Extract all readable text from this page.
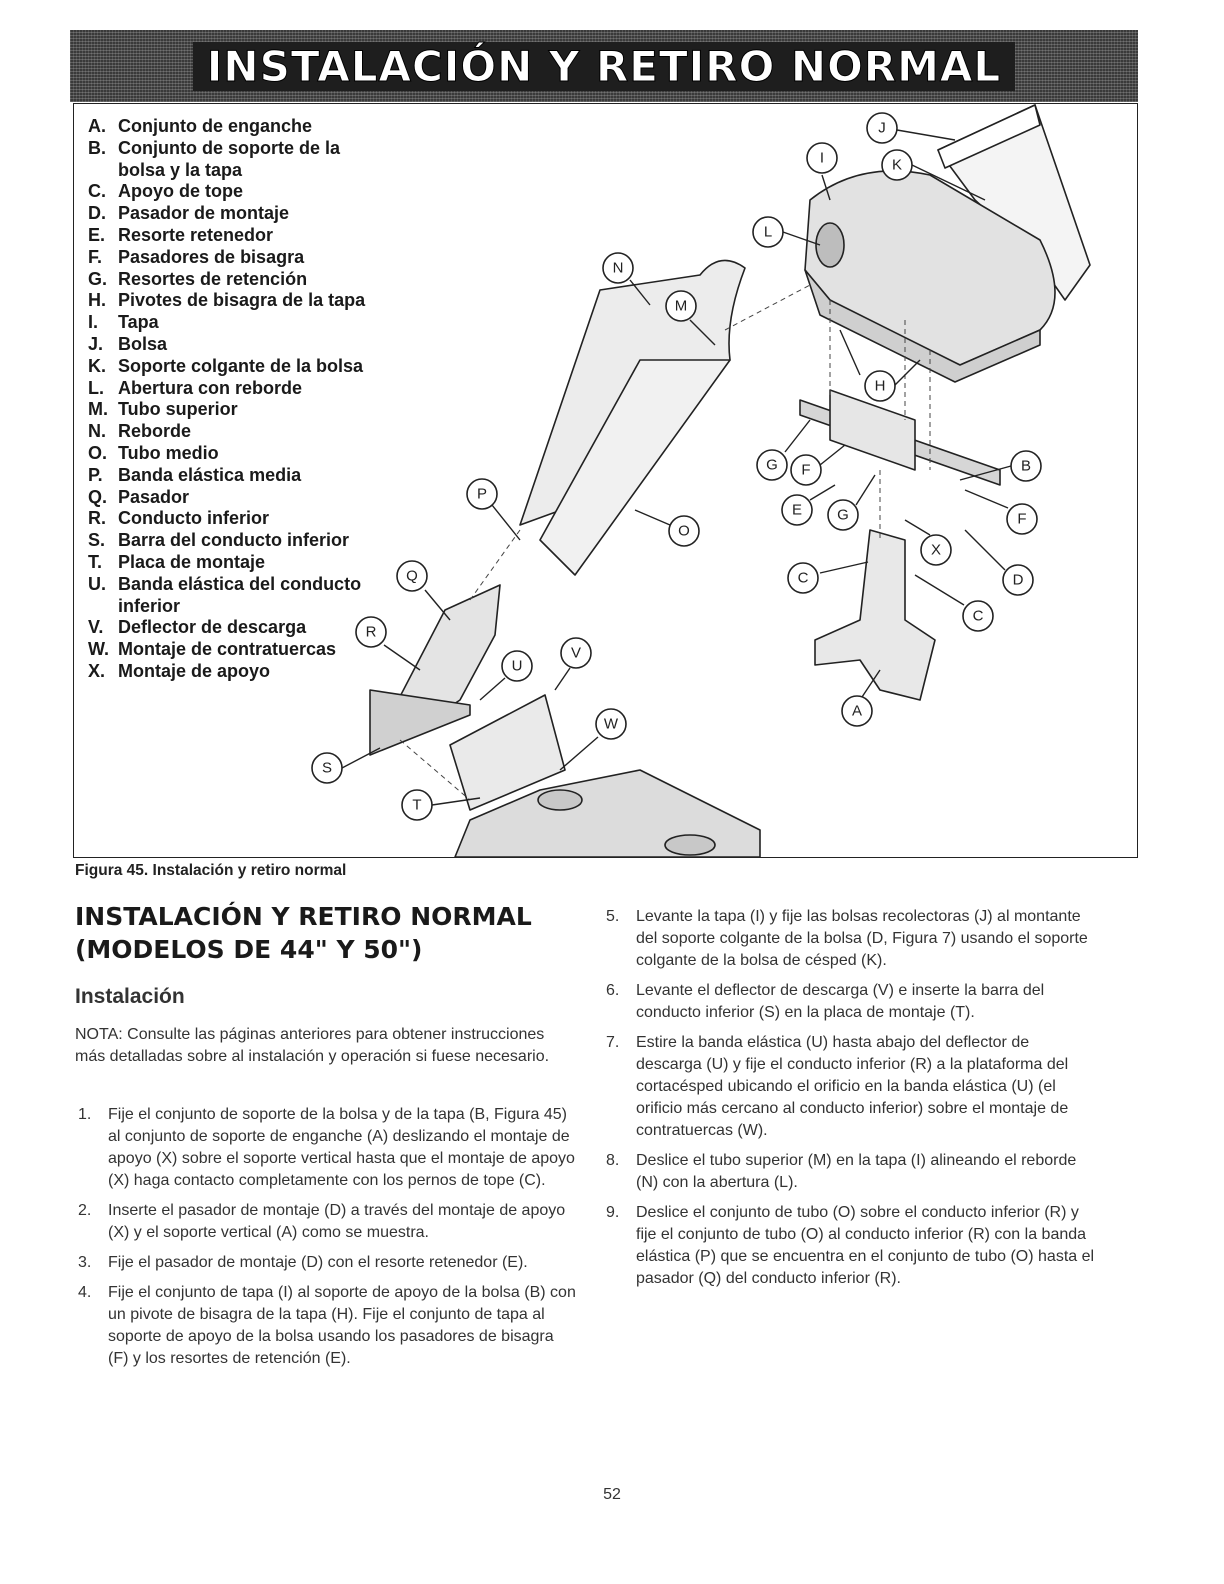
INSTALACIÓN Y RETIRO NORMAL
A. Conjunto de enganche
B. Conjunto de soporte de la bolsa y la tapa
C. Apoyo de tope
D. Pasador de montaje
E. Resorte retenedor
F. Pasadores de bisagra
G. Resortes de retención
H. Pivotes de bisagra de la tapa
I.	Tapa
J. Bolsa
K. Soporte colgante de la bolsa
L. Abertura con reborde
M. Tubo superior
N. Reborde
O. Tubo medio
P. Banda elástica media
Q. Pasador
R. Conducto inferior
S. Barra del conducto inferior
T. Placa de montaje
U. Banda elástica del conducto inferior
V. Deflector de descarga
W. Montaje de contratuercas
X. Montaje de apoyo
J
I	K
L
M
N
H
G F	B
E G	F
X
C	D
C
A
P
O
Q
R
V
U
W
S
T
Figura 45. Instalación y retiro normal
INSTALACIÓN Y RETIRO NORMAL
(MODELOS DE 44" Y 50")
Instalación

NOTA: Consulte las páginas anteriores para obtener instrucciones más detalladas sobre al instalación y operación si fuese necesario.

1.	Fije el conjunto de soporte de la bolsa y de la tapa (B, Figura 45) al conjunto de soporte de enganche (A) deslizando el montaje de apoyo (X) sobre el soporte vertical hasta que el montaje de apoyo (X) haga contacto completamente con los pernos de tope (C).
2.	Inserte el pasador de montaje (D) a través del montaje de apoyo (X) y el soporte vertical (A) como se muestra.
3.	Fije el pasador de montaje (D) con el resorte retenedor (E).
4.	Fije el conjunto de tapa (I) al soporte de apoyo de la bolsa (B) con un pivote de bisagra de la tapa (H). Fije el conjunto de tapa al soporte de apoyo de la bolsa usando los pasadores de bisagra (F) y los resortes de retención (E).
5.	Levante la tapa (I) y fije las bolsas recolectoras (J) al montante del soporte colgante de la bolsa (D, Figura 7) usando el soporte colgante de la bolsa de césped (K).
6.	Levante el deflector de descarga (V) e inserte la barra del conducto inferior (S) en la placa de montaje (T).
7.	Estire la banda elástica (U) hasta abajo del deflector de descarga (U) y fije el conducto inferior (R) a la plataforma del cortacésped ubicando el orificio en la banda elástica (U) (el orificio más cercano al conducto inferior) sobre el montaje de contratuercas (W).
8.	Deslice el tubo superior (M) en la tapa (I) alineando el reborde (N) con la abertura (L).
9.	Deslice el conjunto de tubo (O) sobre el conducto inferior (R) y fije el conjunto de tubo (O) al conducto inferior (R) con la banda elástica (P) que se encuentra en el conjunto de tubo (O) hasta el pasador (Q) del conducto inferior (R).
52
